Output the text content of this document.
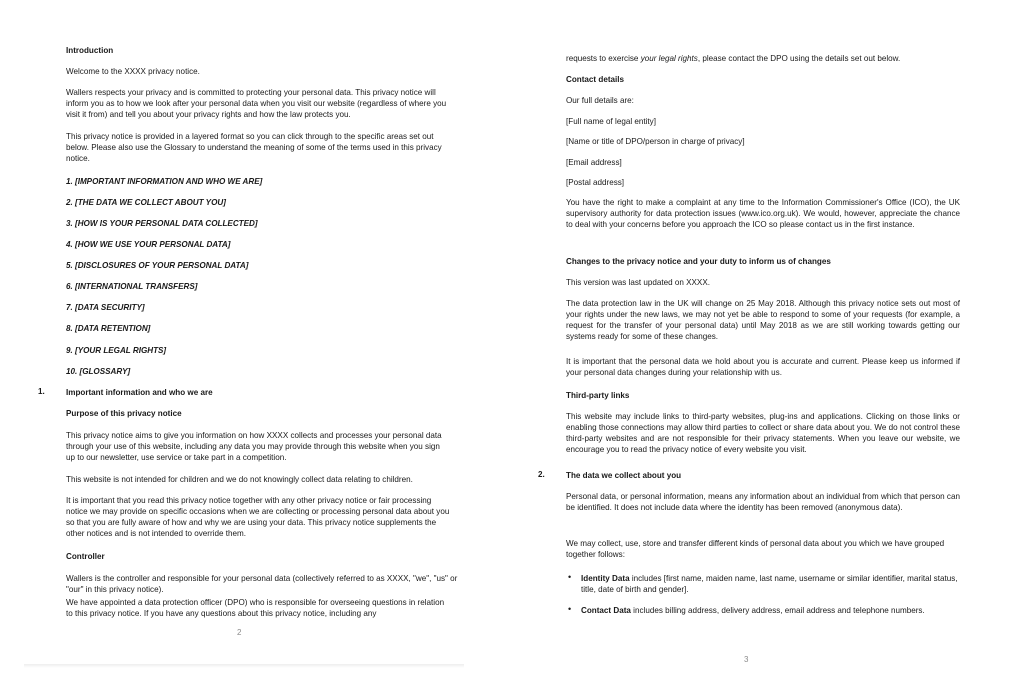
Introduction
Welcome to the XXXX privacy notice.
Wallers respects your privacy and is committed to protecting your personal data. This privacy notice will inform you as to how we look after your personal data when you visit our website (regardless of where you visit it from) and tell you about your privacy rights and how the law protects you.
This privacy notice is provided in a layered format so you can click through to the specific areas set out below. Please also use the Glossary to understand the meaning of some of the terms used in this privacy notice.
1. [IMPORTANT INFORMATION AND WHO WE ARE]
2. [THE DATA WE COLLECT ABOUT YOU]
3. [HOW IS YOUR PERSONAL DATA COLLECTED]
4. [HOW WE USE YOUR PERSONAL DATA]
5. [DISCLOSURES OF YOUR PERSONAL DATA]
6. [INTERNATIONAL TRANSFERS]
7. [DATA SECURITY]
8. [DATA RETENTION]
9. [YOUR LEGAL RIGHTS]
10. [GLOSSARY]
1.	Important information and who we are
Purpose of this privacy notice
This privacy notice aims to give you information on how XXXX collects and processes your personal data through your use of this website, including any data you may provide through this website when you sign up to our newsletter, use service or take part in a competition.
This website is not intended for children and we do not knowingly collect data relating to children.
It is important that you read this privacy notice together with any other privacy notice or fair processing notice we may provide on specific occasions when we are collecting or processing personal data about you so that you are fully aware of how and why we are using your data. This privacy notice supplements the other notices and is not intended to override them.
Controller
Wallers is the controller and responsible for your personal data (collectively referred to as XXXX, "we", "us" or "our" in this privacy notice).
We have appointed a data protection officer (DPO) who is responsible for overseeing questions in relation to this privacy notice. If you have any questions about this privacy notice, including any
2
requests to exercise your legal rights, please contact the DPO using the details set out below.
Contact details
Our full details are:
[Full name of legal entity]
[Name or title of DPO/person in charge of privacy]
[Email address]
[Postal address]
You have the right to make a complaint at any time to the Information Commissioner's Office (ICO), the UK supervisory authority for data protection issues (www.ico.org.uk). We would, however, appreciate the chance to deal with your concerns before you approach the ICO so please contact us in the first instance.
Changes to the privacy notice and your duty to inform us of changes
This version was last updated on XXXX.
The data protection law in the UK will change on 25 May 2018. Although this privacy notice sets out most of your rights under the new laws, we may not yet be able to respond to some of your requests (for example, a request for the transfer of your personal data) until May 2018 as we are still working towards getting our systems ready for some of these changes.
It is important that the personal data we hold about you is accurate and current. Please keep us informed if your personal data changes during your relationship with us.
Third-party links
This website may include links to third-party websites, plug-ins and applications. Clicking on those links or enabling those connections may allow third parties to collect or share data about you. We do not control these third-party websites and are not responsible for their privacy statements. When you leave our website, we encourage you to read the privacy notice of every website you visit.
2.	The data we collect about you
Personal data, or personal information, means any information about an individual from which that person can be identified. It does not include data where the identity has been removed (anonymous data).
We may collect, use, store and transfer different kinds of personal data about you which we have grouped together follows:
• Identity Data includes [first name, maiden name, last name, username or similar identifier, marital status, title, date of birth and gender].
• Contact Data includes billing address, delivery address, email address and telephone numbers.
3
